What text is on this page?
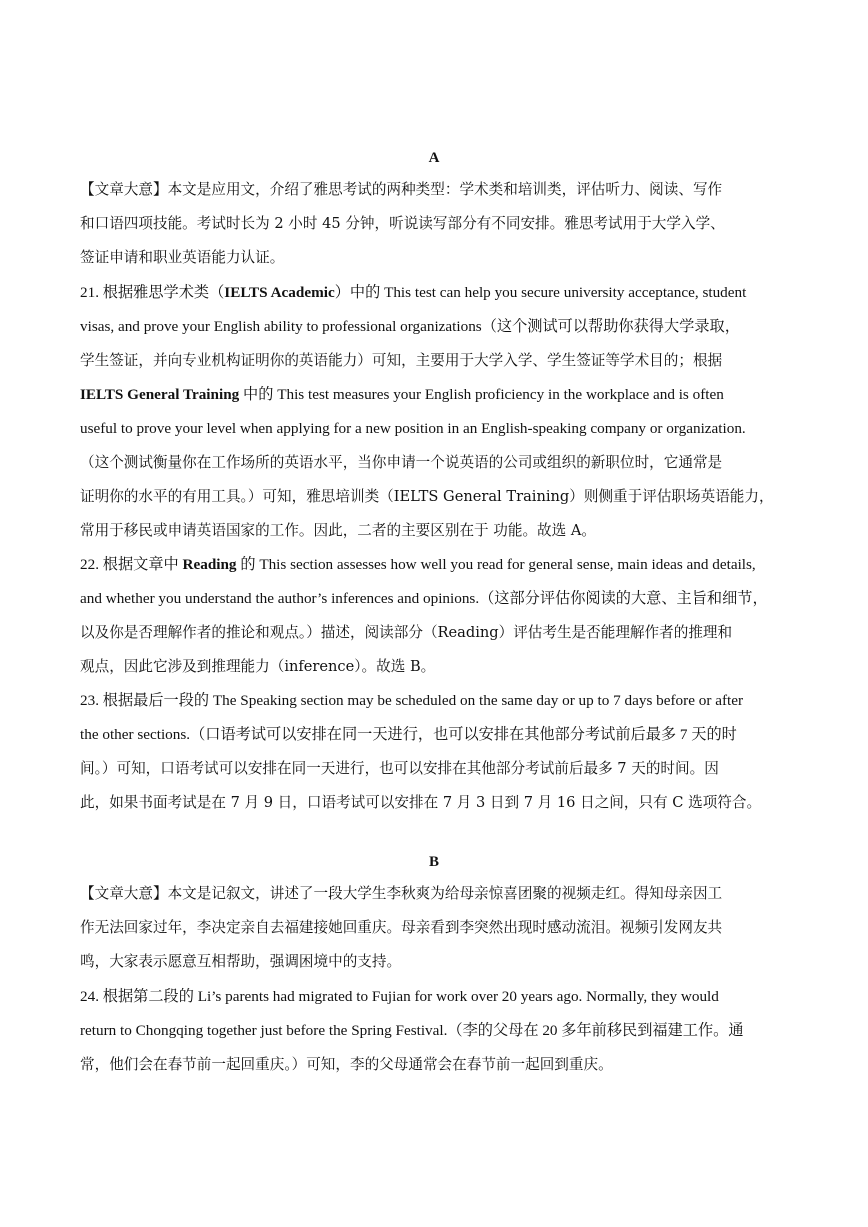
A
【文章大意】本文是应用文，介绍了雅思考试的两种类型：学术类和培训类，评估听力、阅读、写作
和口语四项技能。考试时长为 2 小时 45 分钟，听说读写部分有不同安排。雅思考试用于大学入学、
签证申请和职业英语能力认证。
21. 根据雅思学术类（IELTS Academic）中的 This test can help you secure university acceptance, student
visas, and prove your English ability to professional organizations（这个测试可以帮助你获得大学录取，
学生签证，并向专业机构证明你的英语能力）可知，主要用于大学入学、学生签证等学术目的；根据
IELTS General Training 中的 This test measures your English proficiency in the workplace and is often
useful to prove your level when applying for a new position in an English-speaking company or organization.
（这个测试衡量你在工作场所的英语水平，当你申请一个说英语的公司或组织的新职位时，它通常是
证明你的水平的有用工具。）可知，雅思培训类（IELTS General Training）则侧重于评估职场英语能力，
常用于移民或申请英语国家的工作。因此，二者的主要区别在于 功能。故选 A。
22. 根据文章中 Reading 的 This section assesses how well you read for general sense, main ideas and details,
and whether you understand the author’s inferences and opinions.（这部分评估你阅读的大意、主旨和细节，
以及你是否理解作者的推论和观点。）描述，阅读部分（Reading）评估考生是否能理解作者的推理和
观点，因此它涉及到推理能力（inference）。故选 B。
23. 根据最后一段的 The Speaking section may be scheduled on the same day or up to 7 days before or after
the other sections.（口语考试可以安排在同一天进行，也可以安排在其他部分考试前后最多 7 天的时
间。）可知，口语考试可以安排在同一天进行，也可以安排在其他部分考试前后最多 7 天的时间。因
此，如果书面考试是在 7 月 9 日，口语考试可以安排在 7 月 3 日到 7 月 16 日之间，只有 C 选项符合。
B
【文章大意】本文是记叙文，讲述了一段大学生李秋爽为给母亲惊喜团聚的视频走红。得知母亲因工
作无法回家过年，李决定亲自去福建接她回重庆。母亲看到李突然出现时感动流泪。视频引发网友共
鸣，大家表示愿意互相帮助，强调困境中的支持。
24. 根据第二段的 Li’s parents had migrated to Fujian for work over 20 years ago. Normally, they would
return to Chongqing together just before the Spring Festival.（李的父母在 20 多年前移民到福建工作。通
常，他们会在春节前一起回重庆。）可知，李的父母通常会在春节前一起回到重庆。
